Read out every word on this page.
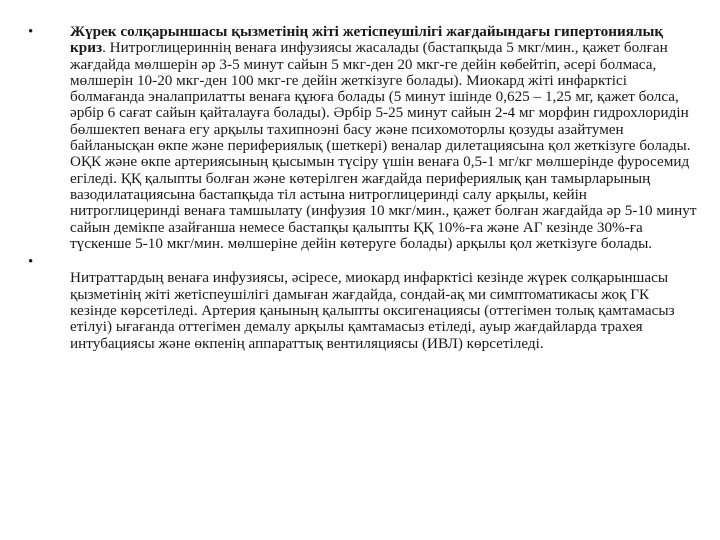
• Жүрек солқарыншасы қызметінің жіті жетіспеушілігі жағдайындағы гипертониялық криз. Нитроглицериннің венаға инфузиясы жасалады (бастапқыда 5 мкг/мин., қажет болған жағдайда мөлшерін әр 3-5 минут сайын 5 мкг-ден 20 мкг-ге дейін көбейтіп, әсері болмаса, мөлшерін 10-20 мкг-ден 100 мкг-ге дейін жеткізуге болады). Миокард жіті инфарктісі болмағанда эналаприлатты венаға құюға болады (5 минут ішінде 0,625 – 1,25 мг, қажет болса, әрбір 6 сағат сайын қайталауға болады). Әрбір 5-25 минут сайын 2-4 мг морфин гидрохлоридін бөлшектеп венаға егу арқылы тахипноэні басу және психомоторлы қозуды азайтумен байланысқан өкпе және перифериялық (шеткері) веналар дилетациясына қол жеткізуге болады. ОҚК және өкпе артериясының қысымын түсіру үшін венаға 0,5-1 мг/кг мөлшерінде фуросемид егіледі. ҚҚ қалыпты болған және көтерілген жағдайда перифериялық қан тамырларының вазодилатациясына бастапқыда тіл астына нитроглицеринді салу арқылы, кейін нитроглицеринді венаға тамшылату (инфузия 10 мкг/мин., қажет болған жағдайда әр 5-10 минут сайын демікпе азайғанша немесе бастапқы қалыпты ҚҚ 10%-ға және АГ кезінде 30%-ға түскенше 5-10 мкг/мин. мөлшеріне дейін көтеруге болады) арқылы қол жеткізуге болады.
•
Нитраттардың венаға инфузиясы, әсіресе, миокард инфарктісі кезінде жүрек солқарыншасы қызметінің жіті жетіспеушілігі дамыған жағдайда, сондай-ақ ми симптоматикасы жоқ ГК кезінде көрсетіледі. Артерия қанының қалыпты оксигенациясы (оттегімен толық қамтамасыз етілуі) ығағанда оттегімен демалу арқылы қамтамасыз етіледі, ауыр жағдайларда трахея интубациясы және өкпенің аппараттық вентиляциясы (ИВЛ) көрсетіледі.
